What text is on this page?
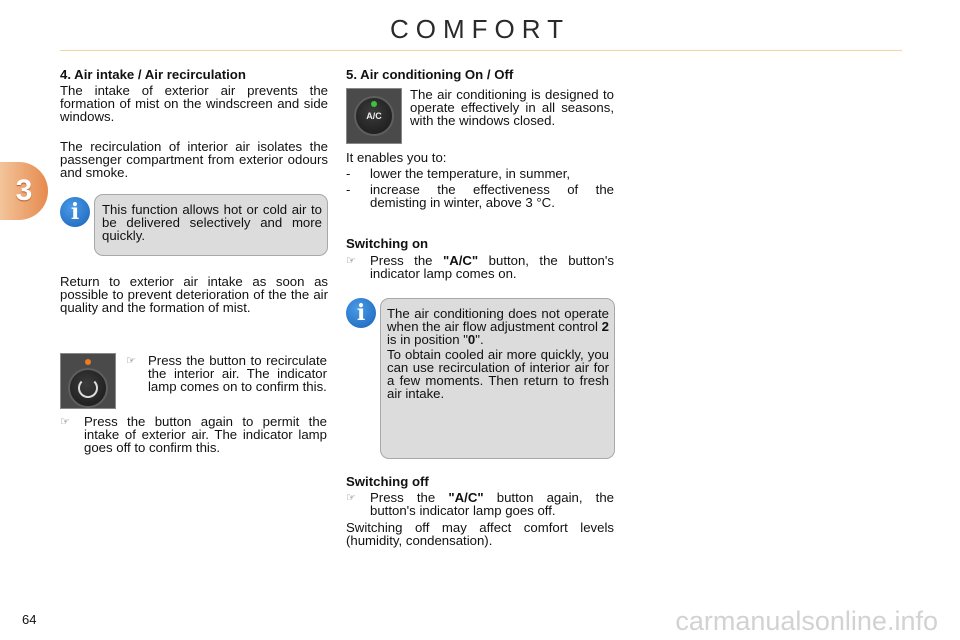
COMFORT
3
4. Air intake / Air recirculation
The intake of exterior air prevents the formation of mist on the windscreen and side windows.
The recirculation of interior air isolates the passenger compartment from exterior odours and smoke.
This function allows hot or cold air to be delivered selectively and more quickly.
i
Return to exterior air intake as soon as possible to prevent deterioration of the the air quality and the formation of mist.
☞ Press the button to recirculate the interior air. The indicator lamp comes on to confirm this.
☞	Press the button again to permit the intake of exterior air. The indicator lamp goes off to confirm this.
5. Air conditioning On / Off
A/C
The air conditioning is designed to operate effectively in all seasons, with the windows closed.
It enables you to:
-	lower the temperature, in summer,
-	increase the effectiveness of the demisting in winter, above 3 °C.
Switching on
☞	Press the "A/C" button, the button's indicator lamp comes on.
i	The air conditioning does not operate when the air flow adjustment control 2 is in position "0".
To obtain cooled air more quickly, you can use recirculation of interior air for a few moments. Then return to fresh air intake.
Switching off
☞	Press the "A/C" button again, the button's indicator lamp goes off.
Switching off may affect comfort levels (humidity, condensation).
64	carmanualsonline.info
